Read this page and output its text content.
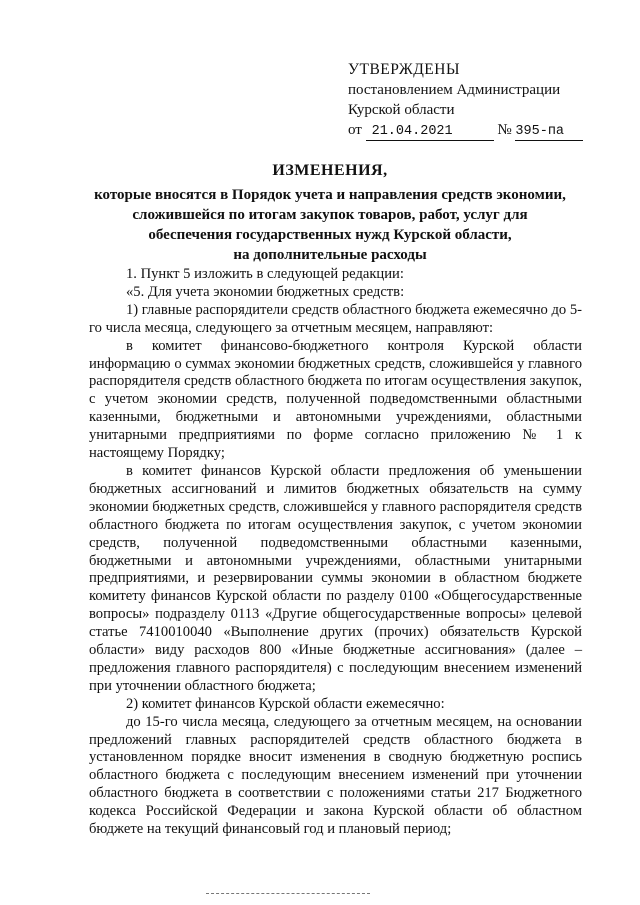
УТВЕРЖДЕНЫ
постановлением Администрации
Курской области
от 21.04.2021	№ 395-па
ИЗМЕНЕНИЯ,
которые вносятся в Порядок учета и направления средств экономии,
сложившейся по итогам закупок товаров, работ, услуг для
обеспечения государственных нужд Курской области,
на дополнительные расходы

1. Пункт 5 изложить в следующей редакции:

«5. Для учета экономии бюджетных средств:

1) главные распорядители средств областного бюджета ежемесячно до 5-го числа месяца, следующего за отчетным месяцем, направляют:

в комитет финансово-бюджетного контроля Курской области информацию о суммах экономии бюджетных средств, сложившейся у главного распорядителя средств областного бюджета по итогам осуществления закупок, с учетом экономии средств, полученной подведомственными областными казенными, бюджетными и автономными учреждениями, областными унитарными предприятиями по форме согласно приложению № 1 к настоящему Порядку;

в комитет финансов Курской области предложения об уменьшении бюджетных ассигнований и лимитов бюджетных обязательств на сумму экономии бюджетных средств, сложившейся у главного распорядителя средств областного бюджета по итогам осуществления закупок, с учетом экономии средств, полученной подведомственными областными казенными, бюджетными и автономными учреждениями, областными унитарными предприятиями, и резервировании суммы экономии в областном бюджете комитету финансов Курской области по разделу 0100 «Общегосударственные вопросы» подразделу 0113 «Другие общегосударственные вопросы» целевой статье 7410010040 «Выполнение других (прочих) обязательств Курской области» виду расходов 800 «Иные бюджетные ассигнования» (далее – предложения главного распорядителя) с последующим внесением изменений при уточнении областного бюджета;

2) комитет финансов Курской области ежемесячно:

до 15-го числа месяца, следующего за отчетным месяцем, на основании предложений главных распорядителей средств областного бюджета в установленном порядке вносит изменения в сводную бюджетную роспись областного бюджета с последующим внесением изменений при уточнении областного бюджета в соответствии с положениями статьи 217 Бюджетного кодекса Российской Федерации и закона Курской области об областном бюджете на текущий финансовый год и плановый период;
